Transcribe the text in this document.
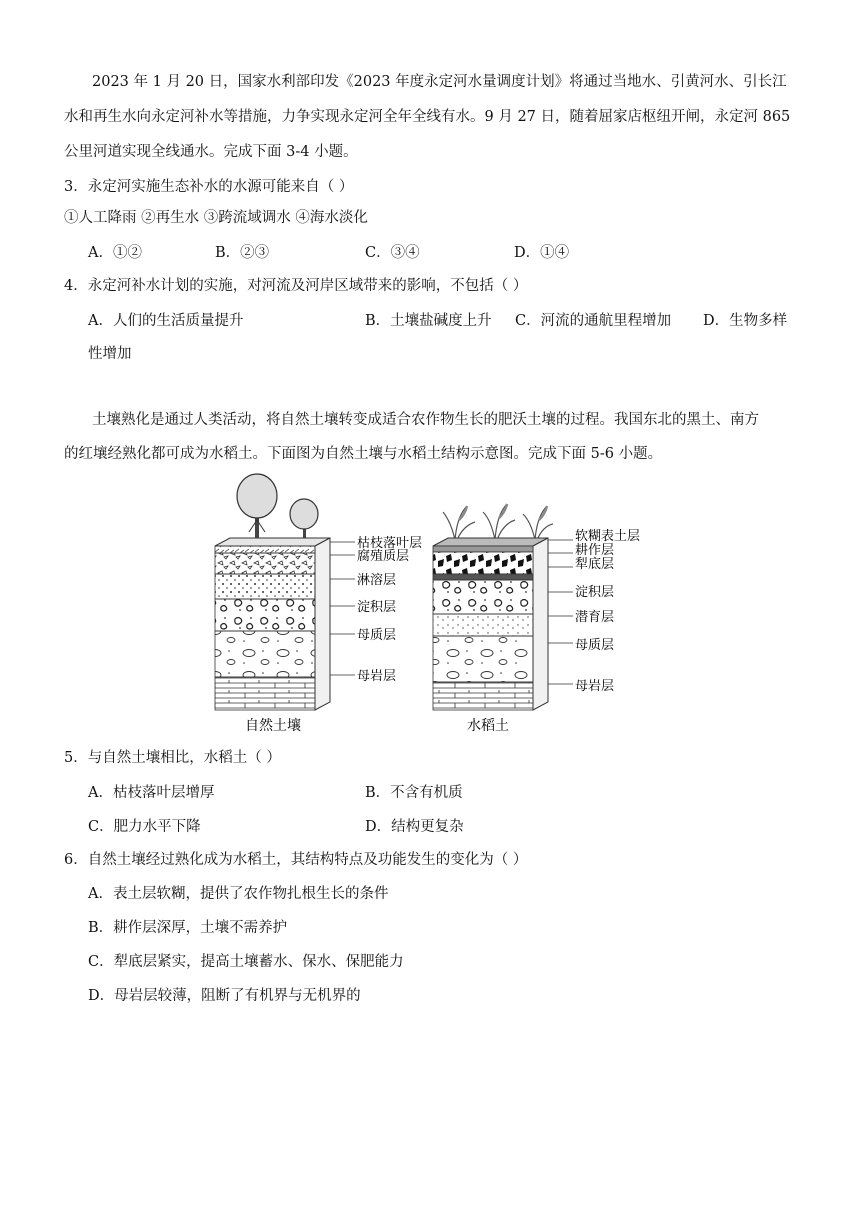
2023 年 1 月 20 日，国家水利部印发《2023 年度永定河水量调度计划》将通过当地水、引黄河水、引长江
水和再生水向永定河补水等措施，力争实现永定河全年全线有水。9 月 27 日，随着屈家店枢纽开闸，永定河 865
公里河道实现全线通水。完成下面 3-4 小题。
3．永定河实施生态补水的水源可能来自（ ）
①人工降雨 ②再生水 ③跨流域调水 ④海水淡化
A．①②	B．②③	C．③④	D．①④
4．永定河补水计划的实施，对河流及河岸区域带来的影响，不包括（ ）
A．人们的生活质量提升	B．土壤盐碱度上升 C．河流的通航里程增加 D．生物多样
性增加
土壤熟化是通过人类活动，将自然土壤转变成适合农作物生长的肥沃土壤的过程。我国东北的黑土、南方
的红壤经熟化都可成为水稻土。下面图为自然土壤与水稻土结构示意图。完成下面 5-6 小题。
枯枝落叶层
腐殖质层
淋溶层
淀积层
母质层
母岩层
自然土壤
软糊表土层
耕作层
犁底层
淀积层
潜育层
母质层
母岩层
水稻土
5．与自然土壤相比，水稻土（ ）
A．枯枝落叶层增厚	B．不含有机质
C．肥力水平下降	D．结构更复杂
6．自然土壤经过熟化成为水稻土，其结构特点及功能发生的变化为（ ）
A．表土层软糊，提供了农作物扎根生长的条件
B．耕作层深厚，土壤不需养护
C．犁底层紧实，提高土壤蓄水、保水、保肥能力
D．母岩层较薄，阻断了有机界与无机界的
